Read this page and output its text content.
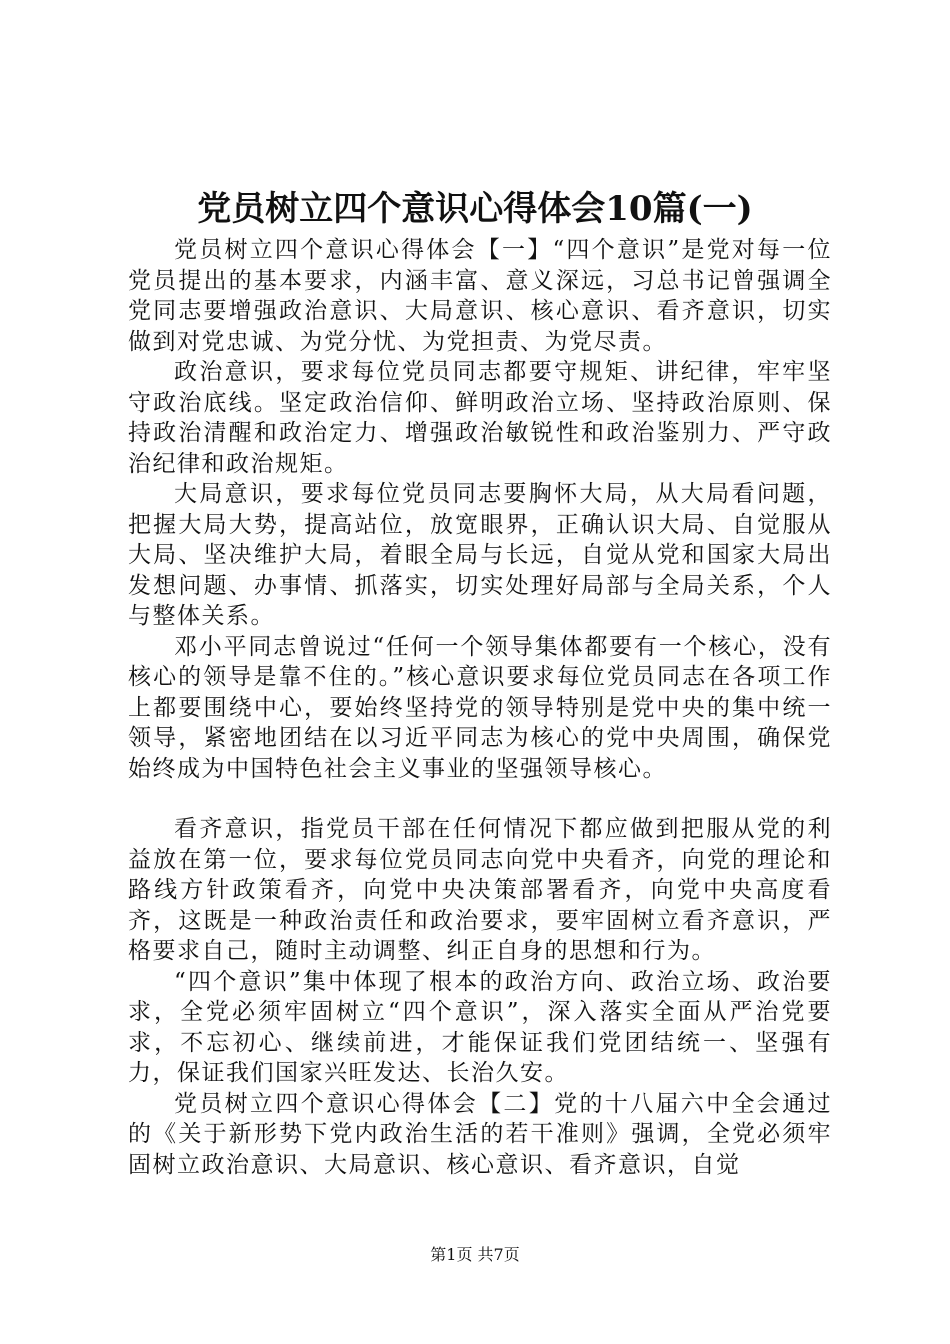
党员树立四个意识心得体会10篇(一)

党员树立四个意识心得体会【一】“四个意识”是党对每一位党员提出的基本要求，内涵丰富、意义深远，习总书记曾强调全党同志要增强政治意识、大局意识、核心意识、看齐意识，切实做到对党忠诚、为党分忧、为党担责、为党尽责。

政治意识，要求每位党员同志都要守规矩、讲纪律，牢牢坚守政治底线。坚定政治信仰、鲜明政治立场、坚持政治原则、保持政治清醒和政治定力、增强政治敏锐性和政治鉴别力、严守政治纪律和政治规矩。

大局意识，要求每位党员同志要胸怀大局，从大局看问题，把握大局大势，提高站位，放宽眼界，正确认识大局、自觉服从大局、坚决维护大局，着眼全局与长远，自觉从党和国家大局出发想问题、办事情、抓落实，切实处理好局部与全局关系，个人与整体关系。

邓小平同志曾说过“任何一个领导集体都要有一个核心，没有核心的领导是靠不住的。”核心意识要求每位党员同志在各项工作上都要围绕中心，要始终坚持党的领导特别是党中央的集中统一领导，紧密地团结在以习近平同志为核心的党中央周围，确保党始终成为中国特色社会主义事业的坚强领导核心。

看齐意识，指党员干部在任何情况下都应做到把服从党的利益放在第一位，要求每位党员同志向党中央看齐，向党的理论和路线方针政策看齐，向党中央决策部署看齐，向党中央高度看齐，这既是一种政治责任和政治要求，要牢固树立看齐意识，严格要求自己，随时主动调整、纠正自身的思想和行为。

“四个意识”集中体现了根本的政治方向、政治立场、政治要求，全党必须牢固树立“四个意识”，深入落实全面从严治党要求，不忘初心、继续前进，才能保证我们党团结统一、坚强有力，保证我们国家兴旺发达、长治久安。

党员树立四个意识心得体会【二】党的十八届六中全会通过的《关于新形势下党内政治生活的若干准则》强调，全党必须牢固树立政治意识、大局意识、核心意识、看齐意识，自觉

第1页 共7页
